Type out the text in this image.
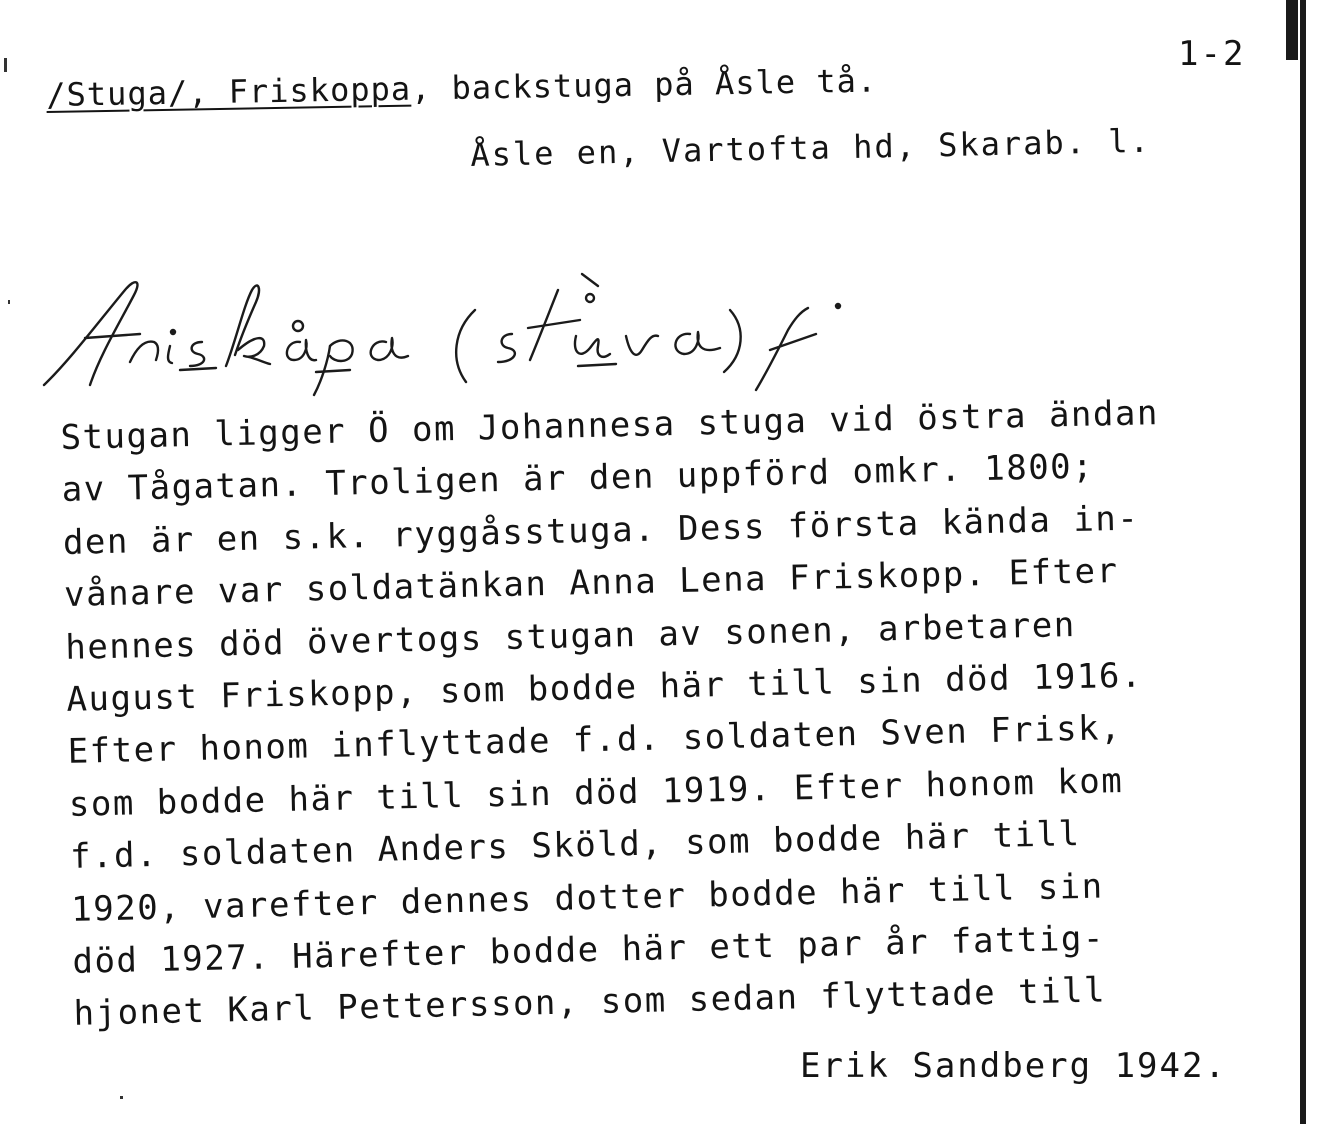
1-2
/Stuga/, Friskoppa, backstuga på Åsle tå.
Åsle en, Vartofta hd, Skarab. l.
Stugan ligger Ö om Johannesa stuga vid östra ändan
av Tågatan. Troligen är den uppförd omkr. 1800;
den är en s.k. ryggåsstuga. Dess första kända in-
vånare var soldatänkan Anna Lena Friskopp. Efter
hennes död övertogs stugan av sonen, arbetaren
August Friskopp, som bodde här till sin död 1916.
Efter honom inflyttade f.d. soldaten Sven Frisk,
som bodde här till sin död 1919. Efter honom kom
f.d. soldaten Anders Sköld, som bodde här till
1920, varefter dennes dotter bodde här till sin
död 1927. Härefter bodde här ett par år fattig-
hjonet Karl Pettersson, som sedan flyttade till
Erik Sandberg 1942.
